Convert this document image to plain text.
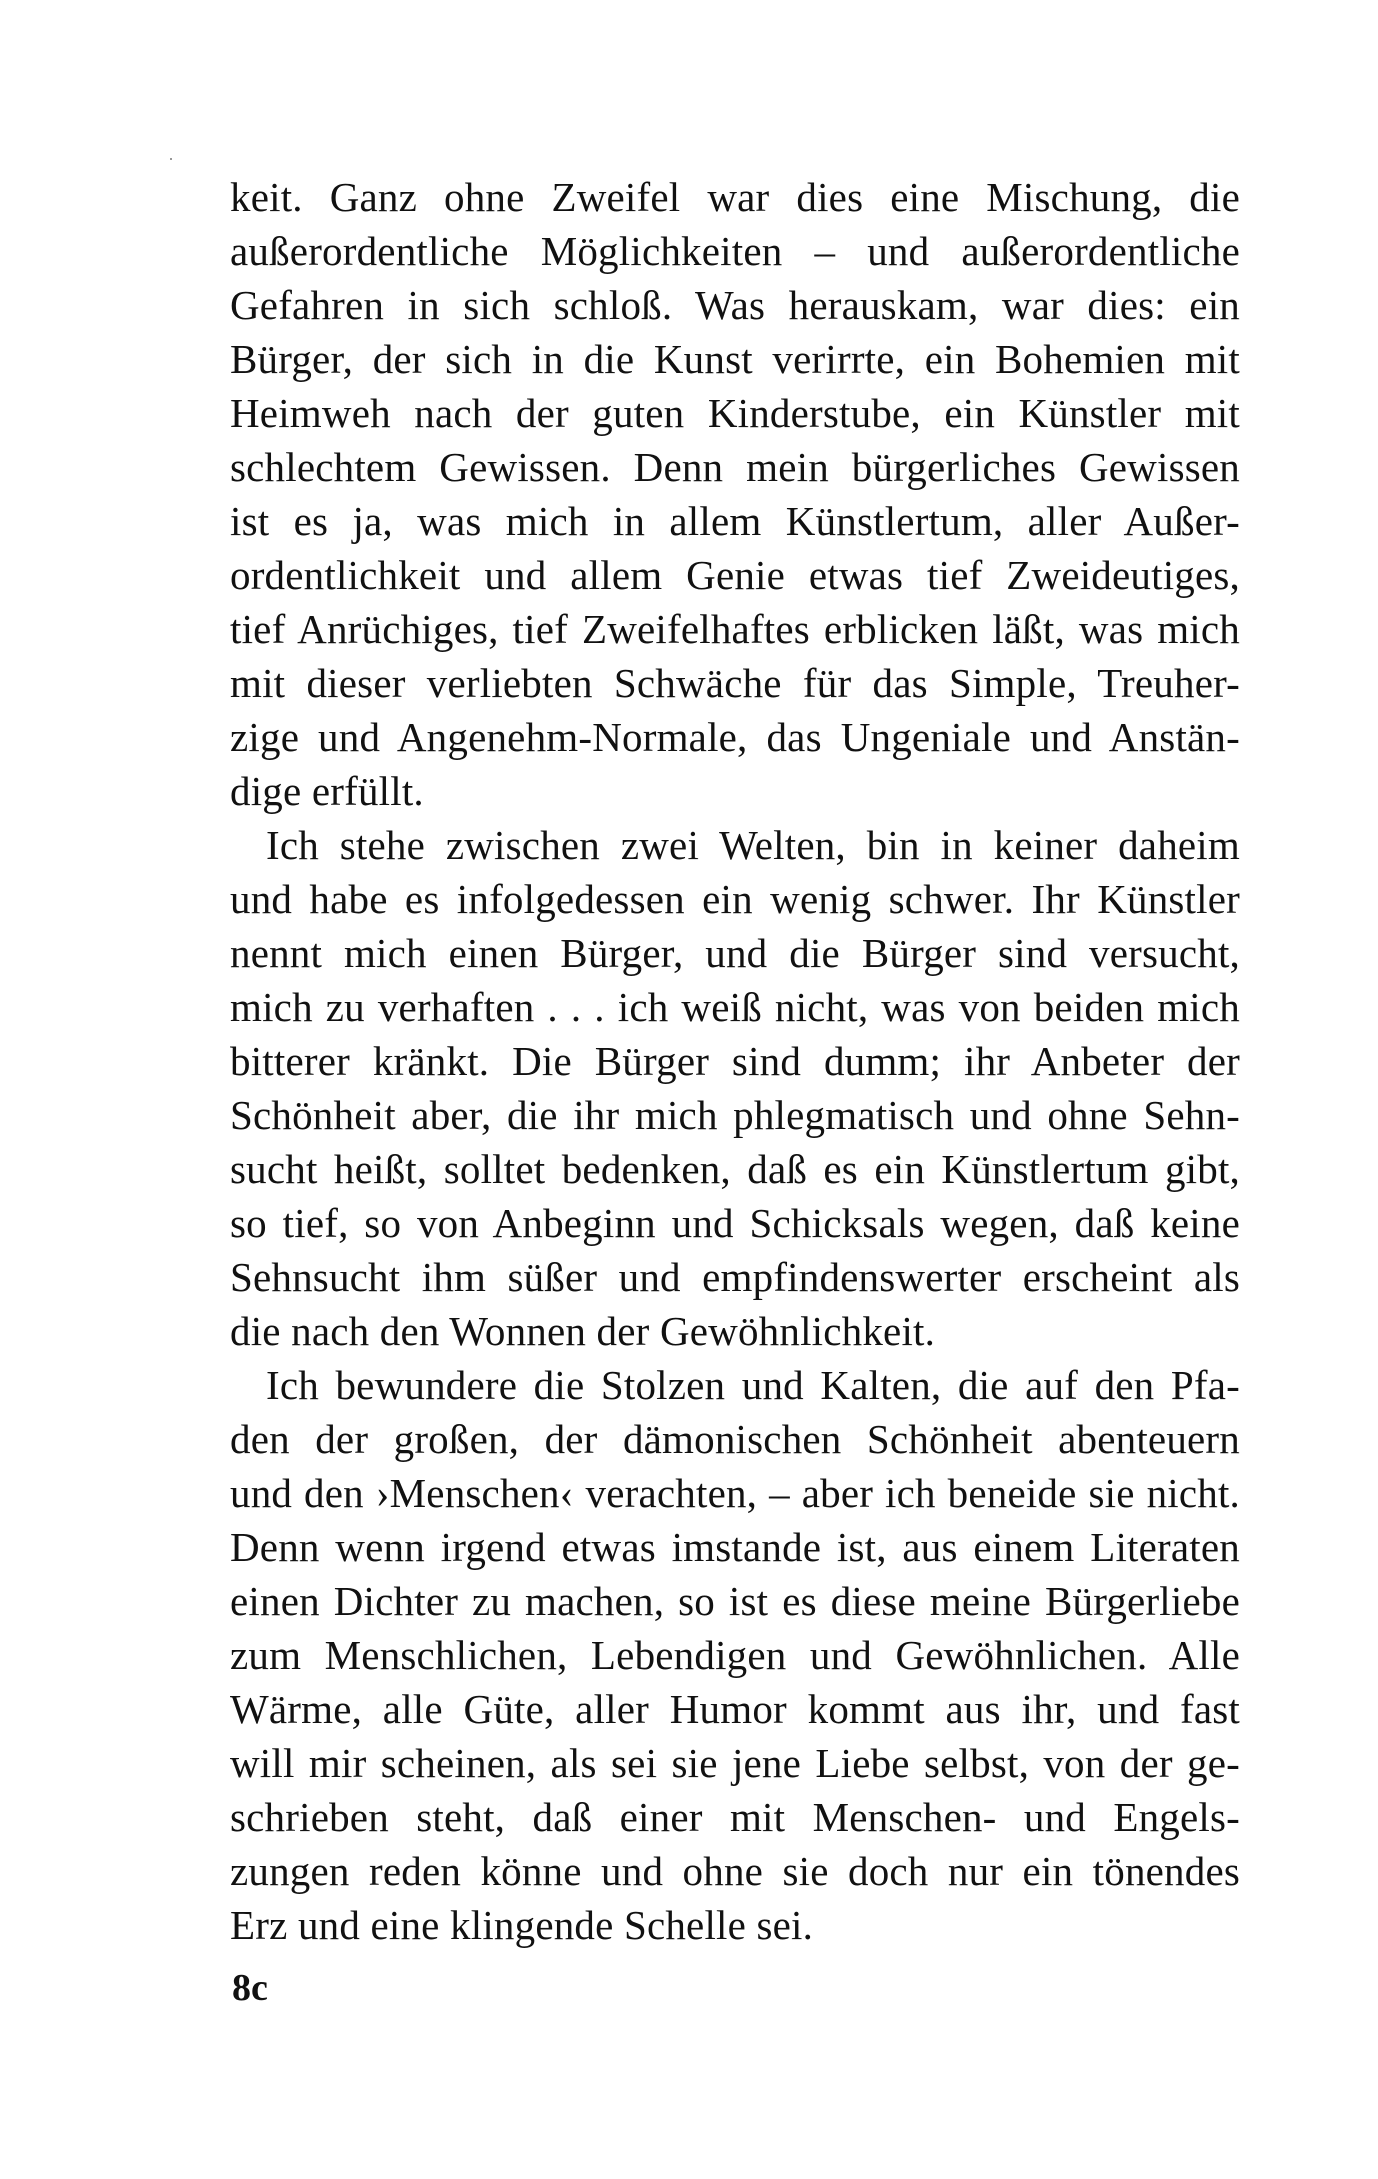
keit. Ganz ohne Zweifel war dies eine Mischung, die
außerordentliche Möglichkeiten – und außerordentliche
Gefahren in sich schloß. Was herauskam, war dies: ein
Bürger, der sich in die Kunst verirrte, ein Bohemien mit
Heimweh nach der guten Kinderstube, ein Künstler mit
schlechtem Gewissen. Denn mein bürgerliches Gewissen
ist es ja, was mich in allem Künstlertum, aller Außer-
ordentlichkeit und allem Genie etwas tief Zweideutiges,
tief Anrüchiges, tief Zweifelhaftes erblicken läßt, was mich
mit dieser verliebten Schwäche für das Simple, Treuher-
zige und Angenehm-Normale, das Ungeniale und Anstän-
dige erfüllt.
Ich stehe zwischen zwei Welten, bin in keiner daheim
und habe es infolgedessen ein wenig schwer. Ihr Künstler
nennt mich einen Bürger, und die Bürger sind versucht,
mich zu verhaften . . . ich weiß nicht, was von beiden mich
bitterer kränkt. Die Bürger sind dumm; ihr Anbeter der
Schönheit aber, die ihr mich phlegmatisch und ohne Sehn-
sucht heißt, solltet bedenken, daß es ein Künstlertum gibt,
so tief, so von Anbeginn und Schicksals wegen, daß keine
Sehnsucht ihm süßer und empfindenswerter erscheint als
die nach den Wonnen der Gewöhnlichkeit.
Ich bewundere die Stolzen und Kalten, die auf den Pfa-
den der großen, der dämonischen Schönheit abenteuern
und den ›Menschen‹ verachten, – aber ich beneide sie nicht.
Denn wenn irgend etwas imstande ist, aus einem Literaten
einen Dichter zu machen, so ist es diese meine Bürgerliebe
zum Menschlichen, Lebendigen und Gewöhnlichen. Alle
Wärme, alle Güte, aller Humor kommt aus ihr, und fast
will mir scheinen, als sei sie jene Liebe selbst, von der ge-
schrieben steht, daß einer mit Menschen- und Engels-
zungen reden könne und ohne sie doch nur ein tönendes
Erz und eine klingende Schelle sei.
8c
